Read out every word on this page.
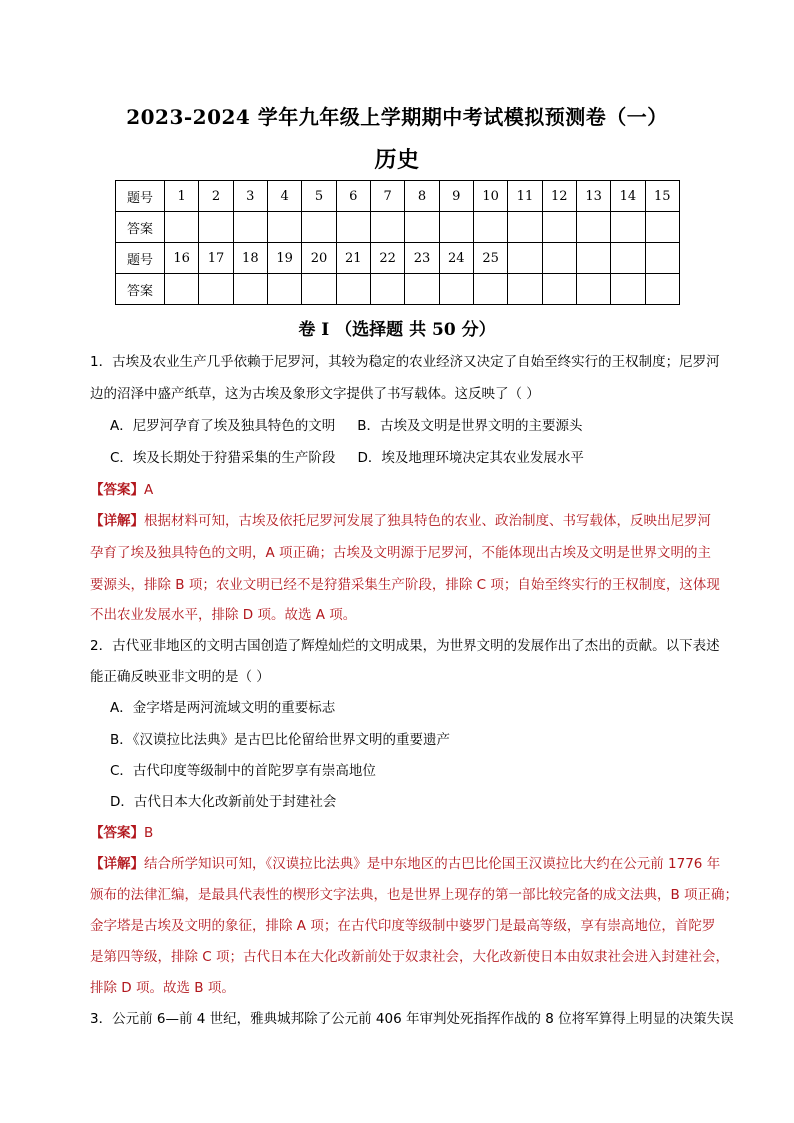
2023-2024 学年九年级上学期期中考试模拟预测卷（一）
历史
题号	1	2	3	4	5	6	7	8	9	10	11	12	13	14	15
答案															
题号	16	17	18	19	20	21	22	23	24	25					
答案															
卷 I （选择题 共 50 分）
1．古埃及农业生产几乎依赖于尼罗河，其较为稳定的农业经济又决定了自始至终实行的王权制度；尼罗河
边的沼泽中盛产纸草，这为古埃及象形文字提供了书写载体。这反映了（ ）
A．尼罗河孕育了埃及独具特色的文明 B．古埃及文明是世界文明的主要源头
C．埃及长期处于狩猎采集的生产阶段 D．埃及地理环境决定其农业发展水平
【答案】A
【详解】根据材料可知，古埃及依托尼罗河发展了独具特色的农业、政治制度、书写载体，反映出尼罗河
孕育了埃及独具特色的文明，A 项正确；古埃及文明源于尼罗河，不能体现出古埃及文明是世界文明的主
要源头，排除 B 项；农业文明已经不是狩猎采集生产阶段，排除 C 项；自始至终实行的王权制度，这体现
不出农业发展水平，排除 D 项。故选 A 项。
2．古代亚非地区的文明古国创造了辉煌灿烂的文明成果，为世界文明的发展作出了杰出的贡献。以下表述
能正确反映亚非文明的是（ ）
A．金字塔是两河流域文明的重要标志
B．《汉谟拉比法典》是古巴比伦留给世界文明的重要遗产
C．古代印度等级制中的首陀罗享有崇高地位
D．古代日本大化改新前处于封建社会
【答案】B
【详解】结合所学知识可知，《汉谟拉比法典》是中东地区的古巴比伦国王汉谟拉比大约在公元前 1776 年
颁布的法律汇编，是最具代表性的楔形文字法典，也是世界上现存的第一部比较完备的成文法典，B 项正确；
金字塔是古埃及文明的象征，排除 A 项；在古代印度等级制中婆罗门是最高等级，享有崇高地位，首陀罗
是第四等级，排除 C 项；古代日本在大化改新前处于奴隶社会，大化改新使日本由奴隶社会进入封建社会，
排除 D 项。故选 B 项。
3．公元前 6—前 4 世纪，雅典城邦除了公元前 406 年审判处死指挥作战的 8 位将军算得上明显的决策失误
